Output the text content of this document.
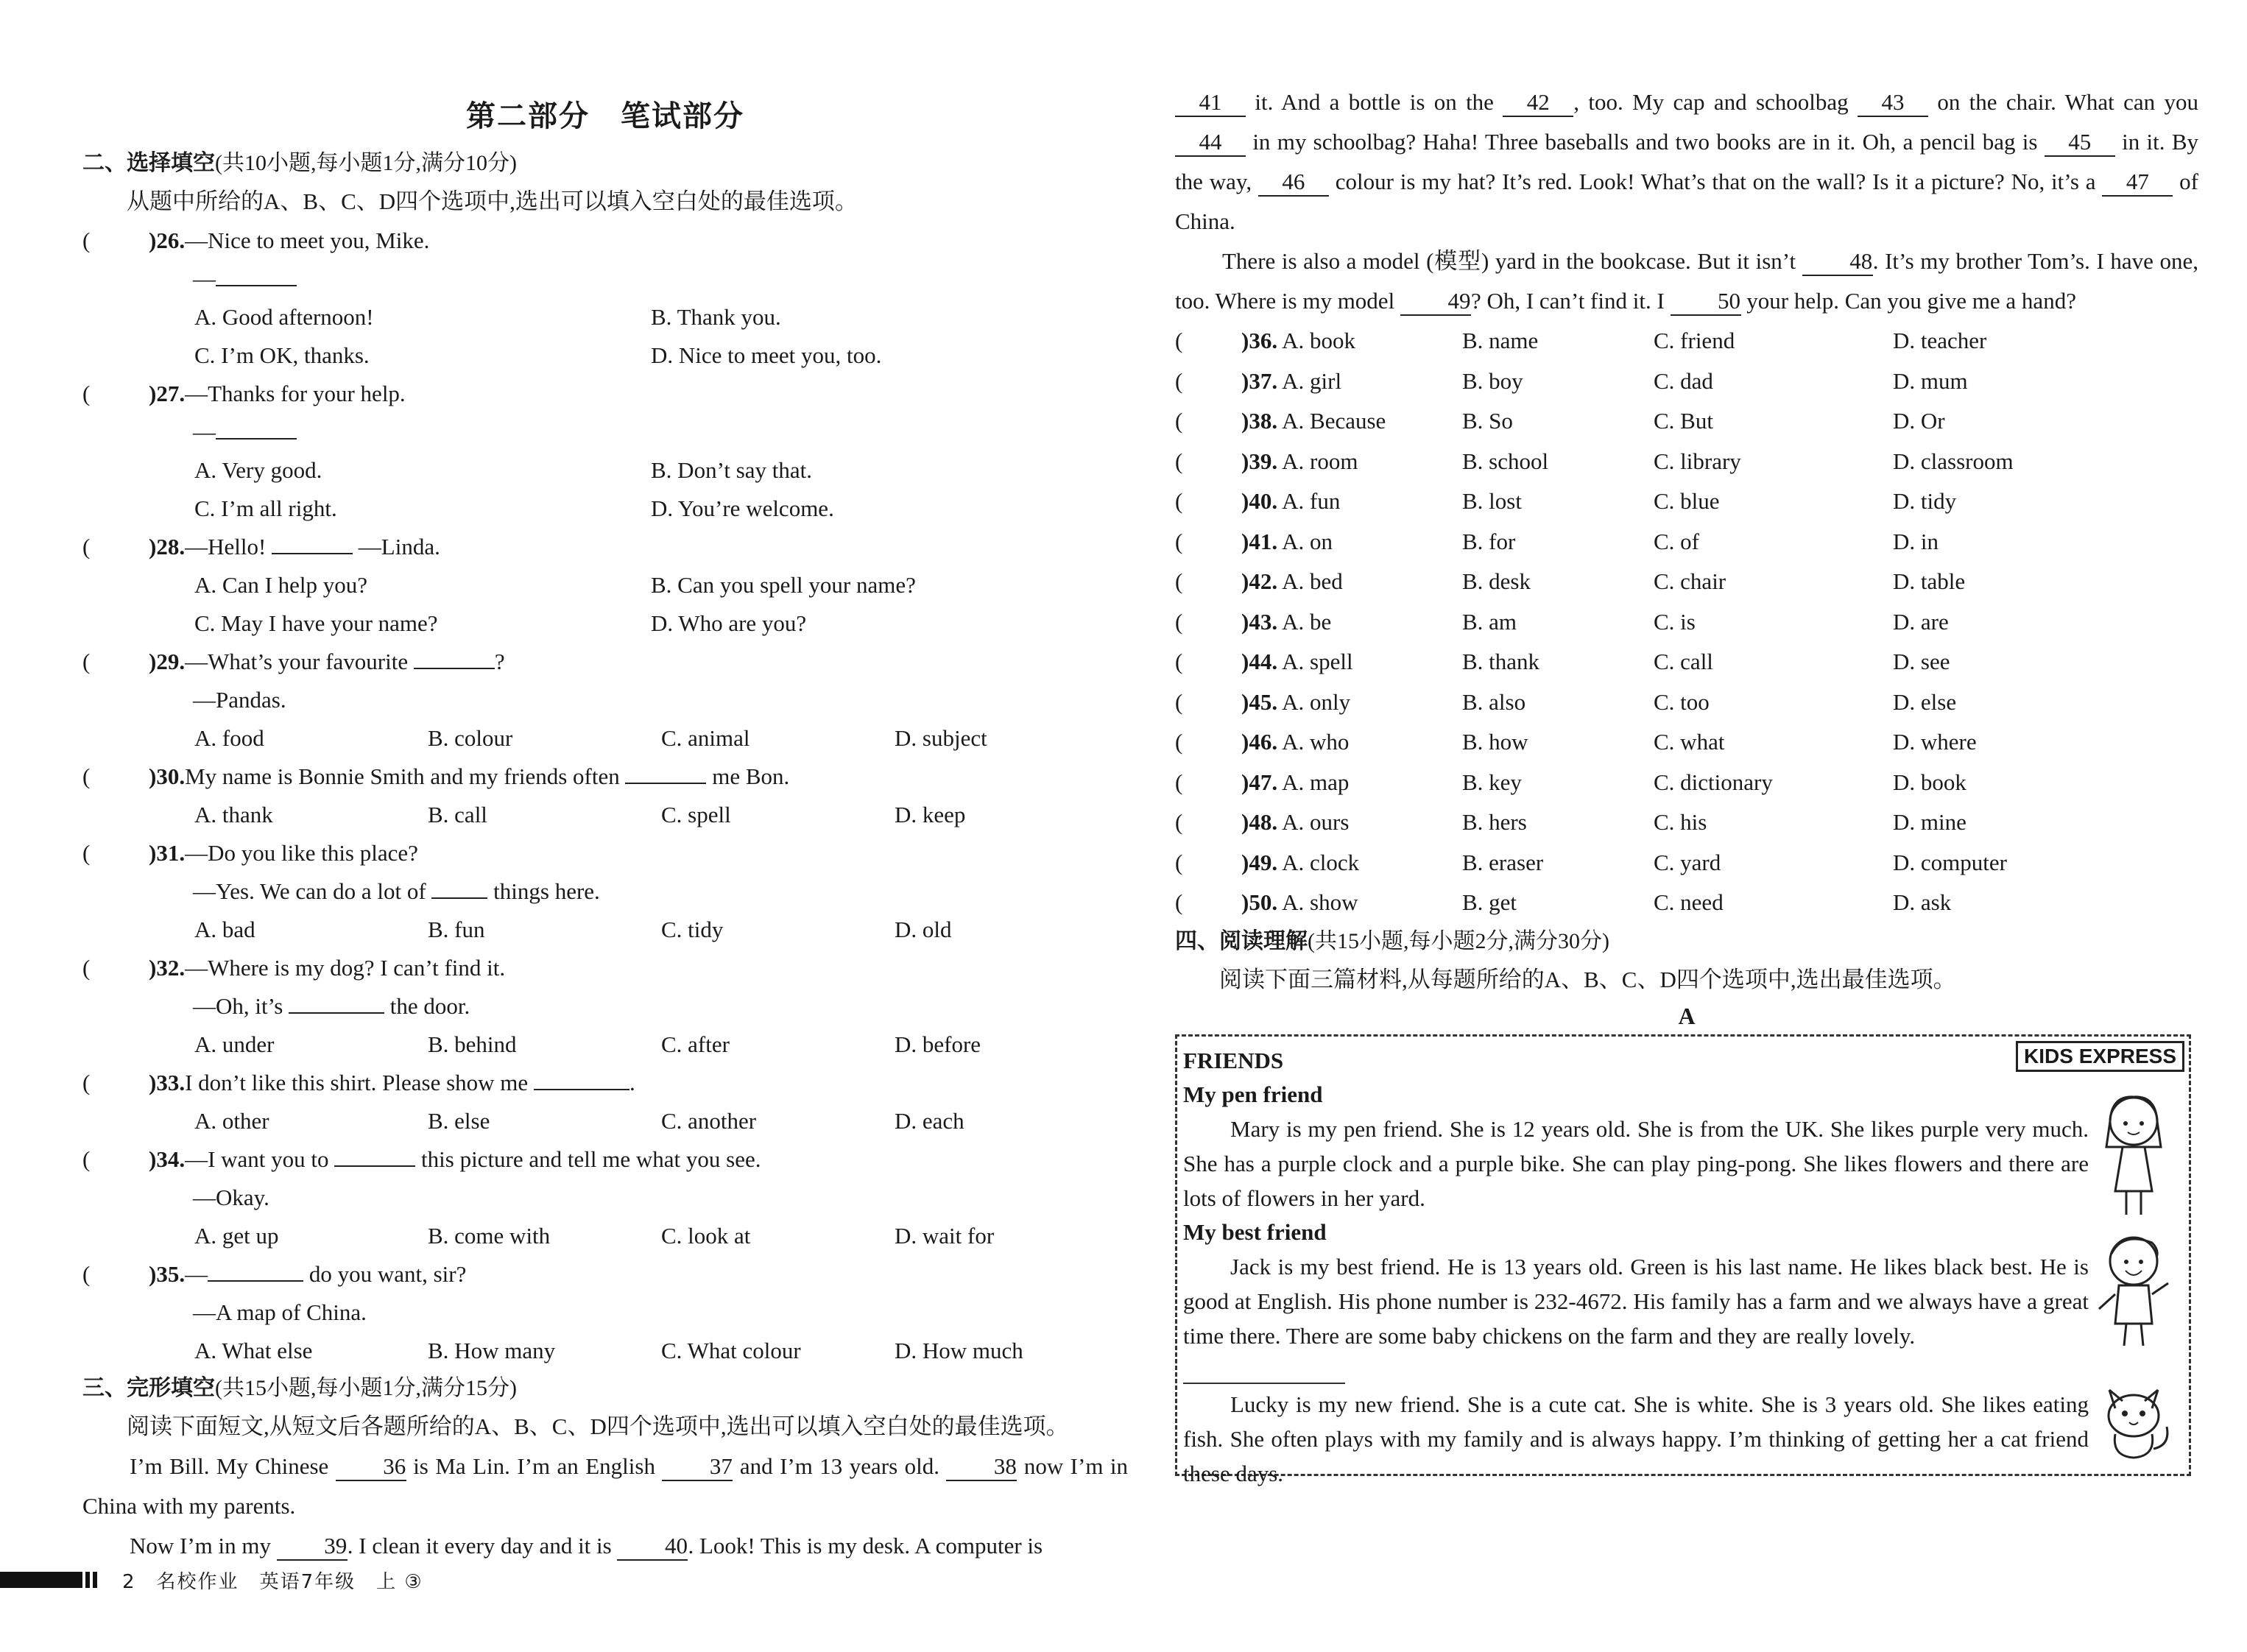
第二部分　笔试部分
二、选择填空(共10小题,每小题1分,满分10分)
从题中所给的A、B、C、D四个选项中,选出可以填入空白处的最佳选项。
(	)26.—Nice to meet you, Mike.
—
A. Good afternoon!	B. Thank you.
C. I’m OK, thanks.	D. Nice to meet you, too.
(	)27.—Thanks for your help.
—
A. Very good.	B. Don’t say that.
C. I’m all right.	D. You’re welcome.
(	)28.—Hello!	—Linda.
A. Can I help you?	B. Can you spell your name?
C. May I have your name?	D. Who are you?
(	)29.—What’s your favourite	?
—Pandas.
A. food	B. colour	C. animal	D. subject
(	)30.My name is Bonnie Smith and my friends often	me Bon.
A. thank	B. call	C. spell	D. keep
(	)31.—Do you like this place?
—Yes. We can do a lot of  things here.
A. bad	B. fun	C. tidy	D. old
(	)32.—Where is my dog? I can’t find it.
—Oh, it’s	the door.
A. under	B. behind	C. after	D. before
(	)33.I don’t like this shirt. Please show me	.
A. other	B. else	C. another	D. each
(	)34.—I want you to	this picture and tell me what you see.
—Okay.
A. get up	B. come with	C. look at	D. wait for
(	)35.—	do you want, sir?
—A map of China.
A. What else	B. How many	C. What colour	D. How much
三、完形填空(共15小题,每小题1分,满分15分)
阅读下面短文,从短文后各题所给的A、B、C、D四个选项中,选出可以填入空白处的最佳选项。
I’m Bill. My Chinese 36 is Ma Lin. I’m an English 37 and I’m 13 years old. 38 now I’m in China with my parents.
Now I’m in my 39. I clean it every day and it is 40. Look! This is my desk. A computer is
41 it. And a bottle is on the 42 , too. My cap and schoolbag 43 on the chair. What can you 44 in my schoolbag? Haha! Three baseballs and two books are in it. Oh, a pencil bag is 45 in it. By the way, 46 colour is my hat? It’s red. Look! What’s that on the wall? Is it a picture? No, it’s a 47 of China.
There is also a model (模型) yard in the bookcase. But it isn’t 48. It’s my brother Tom’s. I have one, too. Where is my model 49? Oh, I can’t find it. I 50 your help. Can you give me a hand?
(	)36. A. book	B. name	C. friend	D. teacher
(	)37. A. girl	B. boy	C. dad	D. mum
(	)38. A. Because	B. So	C. But	D. Or
(	)39. A. room	B. school	C. library	D. classroom
(	)40. A. fun	B. lost	C. blue	D. tidy
(	)41. A. on	B. for	C. of	D. in
(	)42. A. bed	B. desk	C. chair	D. table
(	)43. A. be	B. am	C. is	D. are
(	)44. A. spell	B. thank	C. call	D. see
(	)45. A. only	B. also	C. too	D. else
(	)46. A. who	B. how	C. what	D. where
(	)47. A. map	B. key	C. dictionary	D. book
(	)48. A. ours	B. hers	C. his	D. mine
(	)49. A. clock	B. eraser	C. yard	D. computer
(	)50. A. show	B. get	C. need	D. ask
四、阅读理解(共15小题,每小题2分,满分30分)
阅读下面三篇材料,从每题所给的A、B、C、D四个选项中,选出最佳选项。
A
KIDS EXPRESS
FRIENDS
My pen friend
Mary is my pen friend. She is 12 years old. She is from the UK. She likes purple very much. She has a purple clock and a purple bike. She can play ping-pong. She likes flowers and there are lots of flowers in her yard.
My best friend
Jack is my best friend. He is 13 years old. Green is his last name. He likes black best. He is good at English. His phone number is 232-4672. His family has a farm and we always have a great time there. There are some baby chickens on the farm and they are really lovely.
Lucky is my new friend. She is a cute cat. She is white. She is 3 years old. She likes eating fish. She often plays with my family and is always happy. I’m thinking of getting her a cat friend these days.
2 名校作业 英语7年级 上 ③
